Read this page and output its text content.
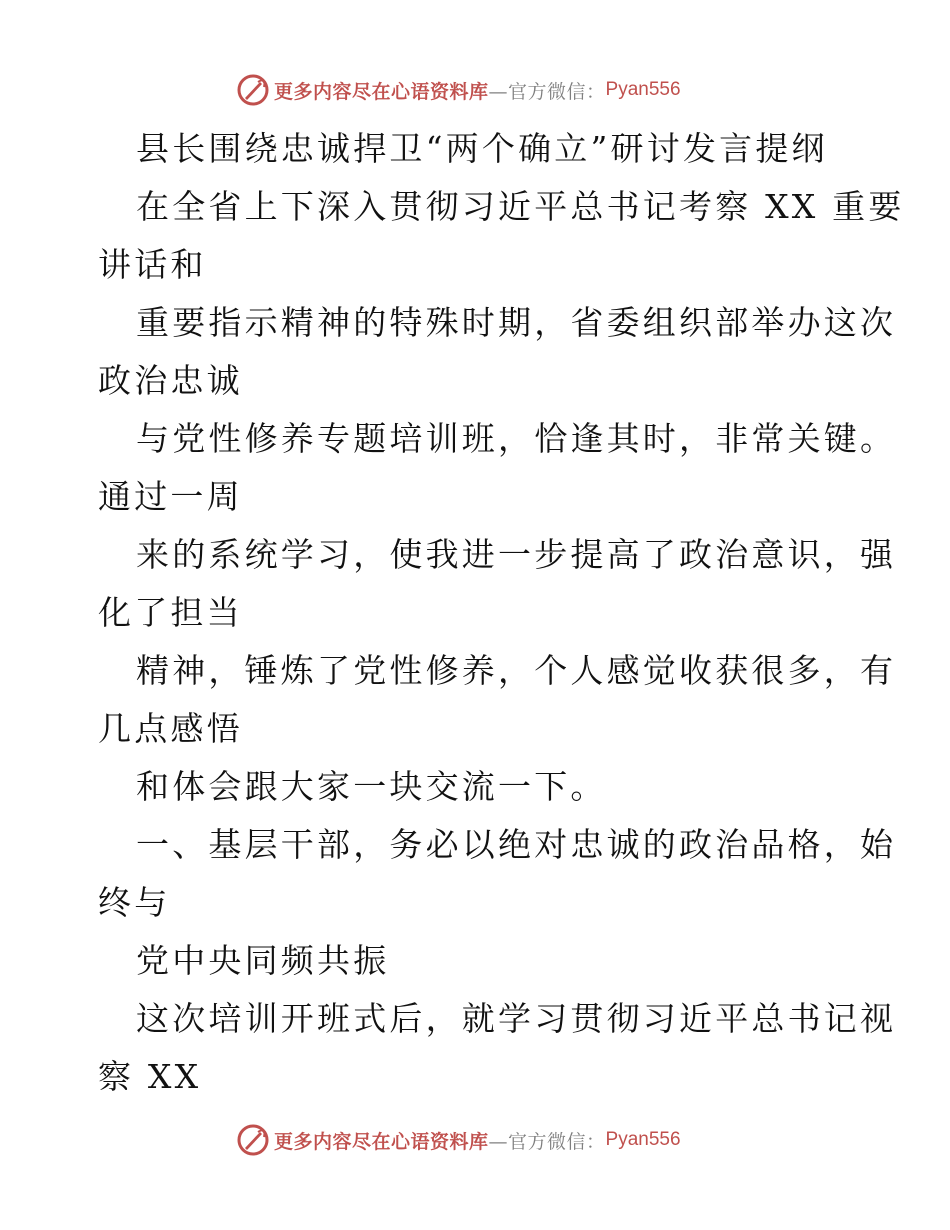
更多内容尽在心语资料库 —官方微信： Pyan556
县长围绕忠诚捍卫“两个确立”研讨发言提纲
在全省上下深入贯彻习近平总书记考察 XX 重要
讲话和
重要指示精神的特殊时期，省委组织部举办这次
政治忠诚
与党性修养专题培训班，恰逢其时，非常关键。
通过一周
来的系统学习，使我进一步提高了政治意识，强
化了担当
精神，锤炼了党性修养，个人感觉收获很多，有
几点感悟
和体会跟大家一块交流一下。
一、基层干部，务必以绝对忠诚的政治品格，始
终与
党中央同频共振
这次培训开班式后，就学习贯彻习近平总书记视
察 XX
更多内容尽在心语资料库 —官方微信： Pyan556
